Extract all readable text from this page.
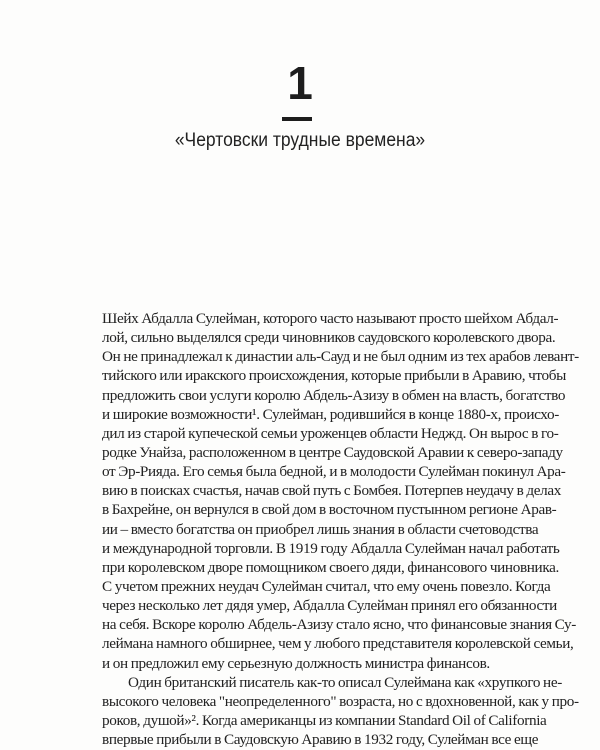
1
«Чертовски трудные времена»
Шейх Абдалла Сулейман, которого часто называют просто шейхом Абдал-
лой, сильно выделялся среди чиновников саудовского королевского двора.
Он не принадлежал к династии аль-Сауд и не был одним из тех арабов левант-
тийского или иракского происхождения, которые прибыли в Аравию, чтобы
предложить свои услуги королю Абдель-Азизу в обмен на власть, богатство
и широкие возможности¹. Сулейман, родившийся в конце 1880-х, происхо-
дил из старой купеческой семьи уроженцев области Неджд. Он вырос в го-
родке Унайза, расположенном в центре Саудовской Аравии к северо-западу
от Эр-Рияда. Его семья была бедной, и в молодости Сулейман покинул Ара-
вию в поисках счастья, начав свой путь с Бомбея. Потерпев неудачу в делах
в Бахрейне, он вернулся в свой дом в восточном пустынном регионе Арав-
ии – вместо богатства он приобрел лишь знания в области счетоводства
и международной торговли. В 1919 году Абдалла Сулейман начал работать
при королевском дворе помощником своего дяди, финансового чиновника.
С учетом прежних неудач Сулейман считал, что ему очень повезло. Когда
через несколько лет дядя умер, Абдалла Сулейман принял его обязанности
на себя. Вскоре королю Абдель-Азизу стало ясно, что финансовые знания Су-
леймана намного обширнее, чем у любого представителя королевской семьи,
и он предложил ему серьезную должность министра финансов.
Один британский писатель как-то описал Сулеймана как «хрупкого не-
высокого человека "неопределенного" возраста, но с вдохновенной, как у про-
роков, душой»². Когда американцы из компании Standard Oil of California
впервые прибыли в Саудовскую Аравию в 1932 году, Сулейман все еще
